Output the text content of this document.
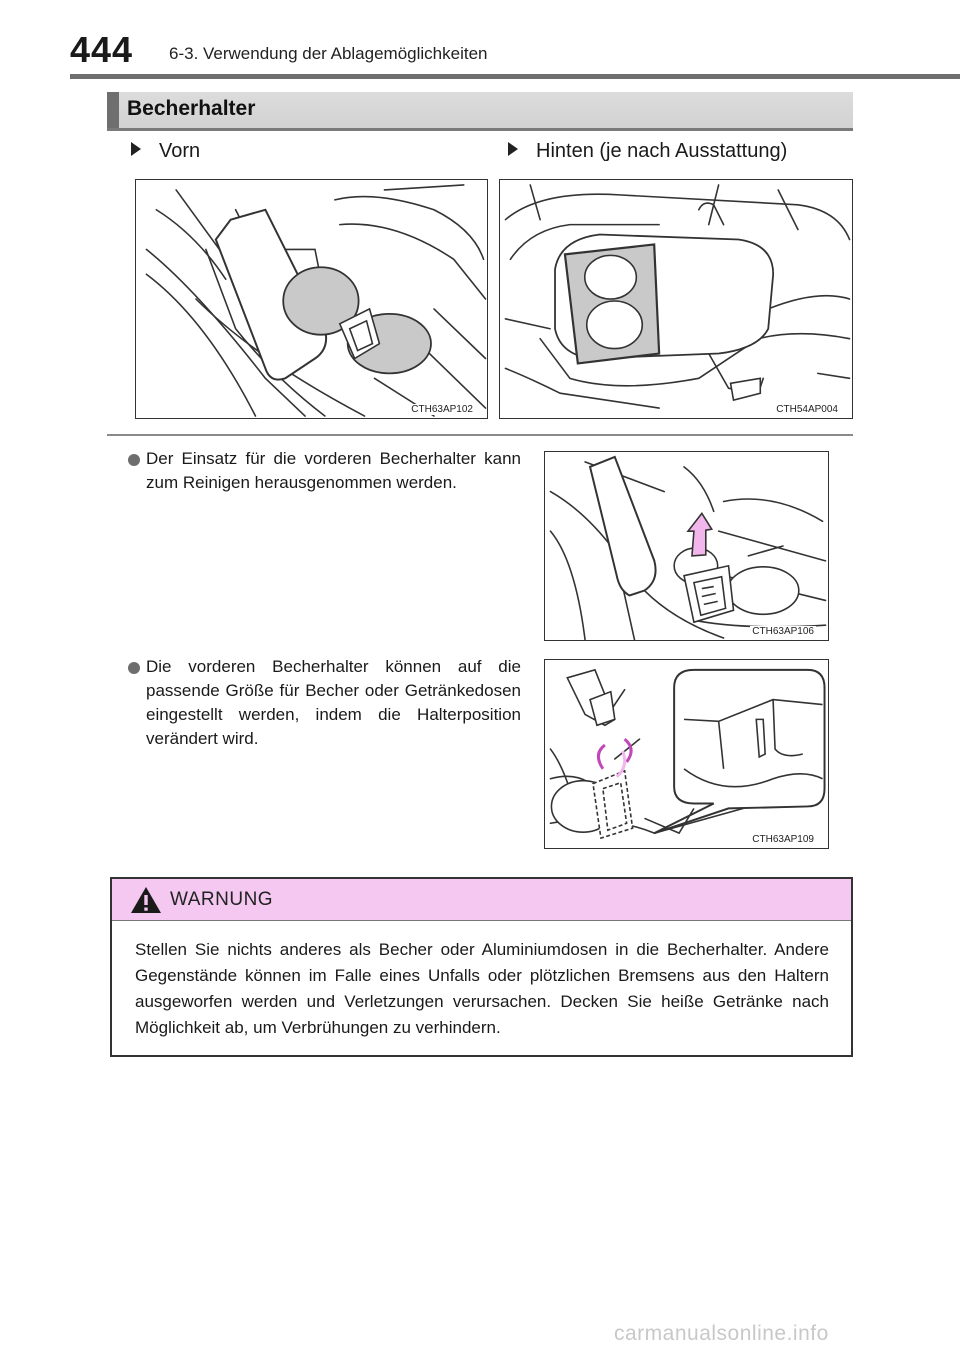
444 6-3. Verwendung der Ablagemöglichkeiten
Becherhalter
Vorn	Hinten (je nach Ausstattung)
CTH63AP102	CTH54AP004
Der Einsatz für die vorderen Becherhalter kann zum Reinigen herausgenommen werden.
CTH63AP106
Die vorderen Becherhalter können auf die passende Größe für Becher oder Getränkedosen eingestellt werden, indem die Halterposition verändert wird.
CTH63AP109
WARNUNG
Stellen Sie nichts anderes als Becher oder Aluminiumdosen in die Becherhalter. Andere Gegenstände können im Falle eines Unfalls oder plötzlichen Bremsens aus den Haltern ausgeworfen werden und Verletzungen verursachen. Decken Sie heiße Getränke nach Möglichkeit ab, um Verbrühungen zu verhindern.
carmanualsonline.info
